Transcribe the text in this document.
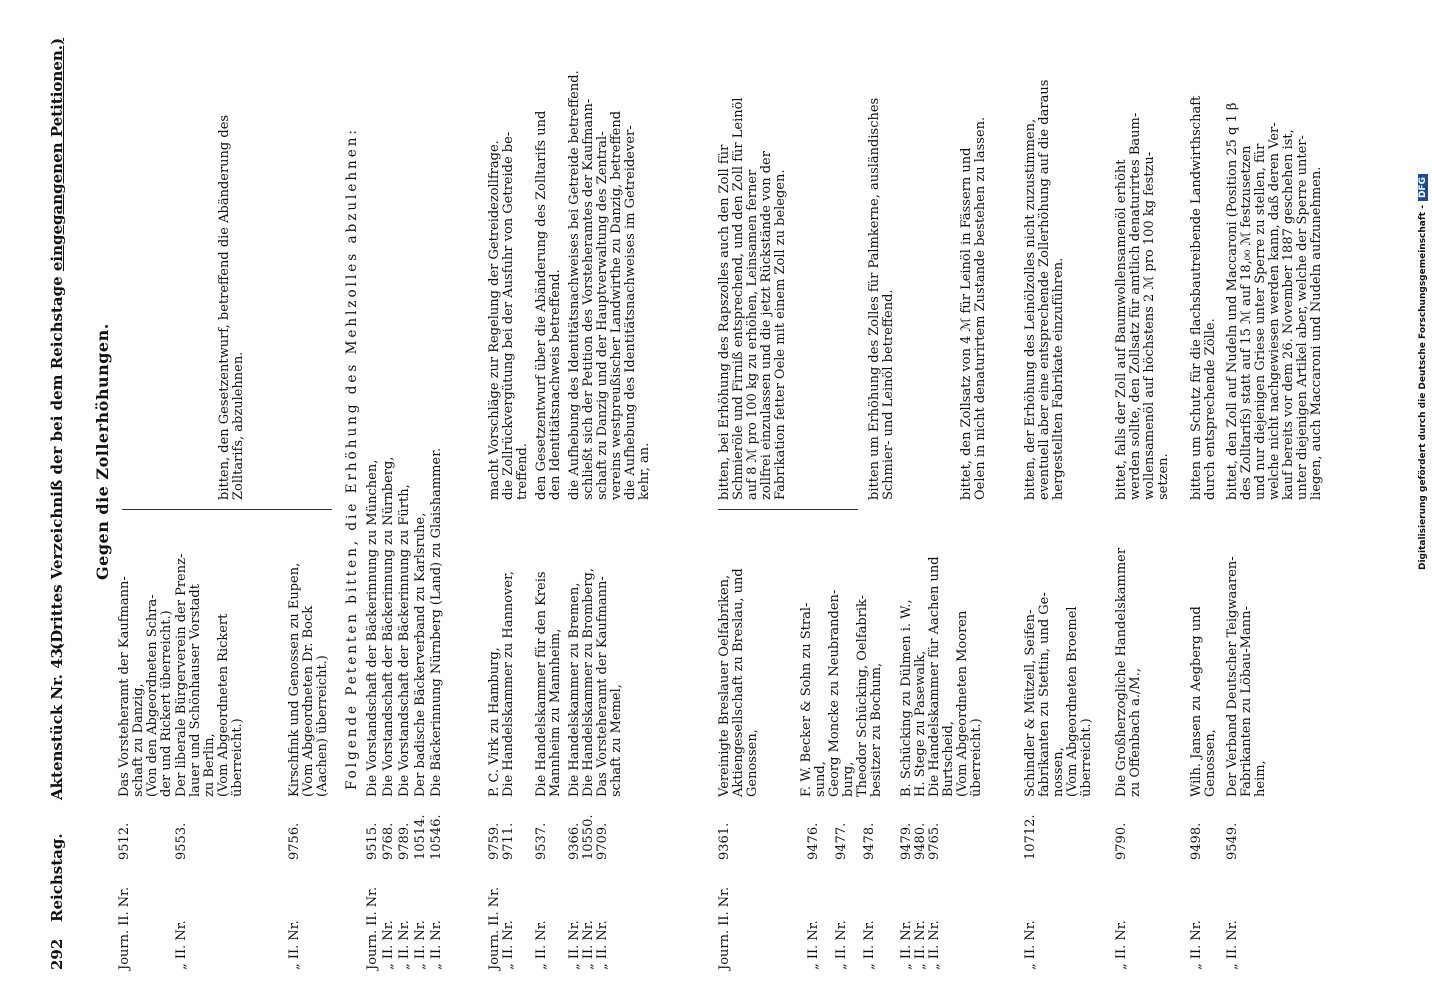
292
Reichstag.
Aktenstück Nr. 43.
(Drittes Verzeichniß der bei dem Reichstage eingegangenen Petitionen.)
Gegen die Zollerhöhungen.
Journ. II. Nr.
9512.
Das Vorsteheramt der Kaufmann-
schaft zu Danzig,
(Von den Abgeordneten Schra-
der und Rickert überreicht.)
„ II. Nr.
9553.
Der liberale Bürgerverein der Prenz-
lauer und Schönhauser Vorstadt
zu Berlin,
(Vom Abgeordneten Rickert
überreicht.)
„ II. Nr.
9756.
Kirschfink und Genossen zu Eupen,
(Vom Abgeordneten Dr. Bock
(Aachen) überreicht.)
bitten, den Gesetzentwurf, betreffend die Abänderung des
Zolltarifs, abzulehnen.	Folgende Petenten bitten, die Erhöhung des Mehlzolles abzulehnen:
Journ. II. Nr.
9515.
Die Vorstandschaft der Bäckerinnung zu München,
„ II. Nr.
9768.
Die Vorstandschaft der Bäckerinnung zu Nürnberg,
„ II. Nr.
9789.
Die Vorstandschaft der Bäckerinnung zu Fürth,
„ II. Nr.
10514.
Der badische Bäckerverband zu Karlsruhe,
„ II. Nr.
10546.
Die Bäckerinnung Nürnberg (Land) zu Glaishammer.
Journ. II. Nr.
„ II. Nr.
9759.
9711.
P. C. Virk zu Hamburg,
Die Handelskammer zu Hannover,
macht Vorschläge zur Regelung der Getreidezollfrage.
die Zollrückvergütung bei der Ausfuhr von Getreide be-
treffend.
„ II. Nr.
9537.
Die Handelskammer für den Kreis
Mannheim zu Mannheim,
den Gesetzentwurf über die Abänderung des Zolltarifs und
den Identitätsnachweis betreffend.
„ II. Nr.
„ II. Nr.
„ II. Nr.
9366.
10550.
9709.
Die Handelskammer zu Bremen,
Die Handelskammer zu Bromberg,
Das Vorsteheramt der Kaufmann-
schaft zu Memel,
die Aufhebung des Identitätsnachweises bei Getreide betreffend.
schließt sich der Petition des Vorsteheramtes der Kaufmann-
schaft zu Danzig und der Hauptverwaltung des Zentral-
vereins westpreußischer Landwirthe zu Danzig, betreffend
die Aufhebung des Identitätsnachweises im Getreidever-
kehr, an.
Journ. II. Nr.
9361.
Vereinigte Breslauer Oelfabriken,
Aktiengesellschaft zu Breslau, und
Genossen,
bitten, bei Erhöhung des Rapszolles auch den Zoll für
Schmieröle und Firniß entsprechend, und den Zoll für Leinöl
auf 8 ℳ pro 100 kg zu erhöhen, Leinsamen ferner
zollfrei einzulassen und die jetzt Rückstände von der
Fabrikation fetter Oele mit einem Zoll zu belegen.
„ II. Nr.
„ II. Nr.
„ II. Nr.
9476.
9477.
9478.
F. W. Becker & Sohn zu Stral-
sund,
Georg Moncke zu Neubranden-
burg,
Theodor Schücking, Oelfabrik-
besitzer zu Bochum,
bitten um Erhöhung des Zolles für Palmkerne, ausländisches
Schmier- und Leinöl betreffend.
„ II. Nr.
„ II. Nr.
„ II. Nr.
9479.
9480.
9765.
B. Schücking zu Dülmen i. W.,
H. Stege zu Pasewalk,
Die Handelskammer für Aachen und
Burtscheid,
(Vom Abgeordneten Mooren
überreicht.)
bittet, den Zollsatz von 4 ℳ für Leinöl in Fässern und
Oelen in nicht denaturirtem Zustande bestehen zu lassen.
„ II. Nr.
10712.
Schindler & Mützell, Seifen-
fabrikanten zu Stettin, und Ge-
nossen,
(Vom Abgeordneten Broemel
überreicht.)
bitten, der Erhöhung des Leinölzolles nicht zuzustimmen,
eventuell aber eine entsprechende Zollerhöhung auf die daraus
hergestellten Fabrikate einzuführen.
„ II. Nr.
9790.
Die Großherzogliche Handelskammer
zu Offenbach a./M.,
bittet, falls der Zoll auf Baumwollensamenöl erhöht
werden sollte, den Zollsatz für amtlich denaturirtes Baum-
wollensamenöl auf höchstens 2 ℳ pro 100 kg festzu-
setzen.
„ II. Nr.
9498.
Wilh. Jansen zu Aegberg und
Genossen,
bitten um Schutz für die flachsbautreibende Landwirthschaft
durch entsprechende Zölle.
„ II. Nr.
9549.
Der Verband Deutscher Teigwaaren-
Fabrikanten zu Löbau-Mann-
heim,
bittet, den Zoll auf Nudeln und Maccaroni (Position 25 q 1 β
des Zolltarifs) statt auf 15 ℳ auf 18,₀₀ ℳ festzusetzen
und nur diejenigen Griese unter Sperre zu stellen, für
welche nicht nachgewiesen werden kann, daß deren Ver-
kauf bereits vor dem 26. November 1887 geschehen ist,
unter diejenigen Artikel aber, welche der Sperre unter-
liegen, auch Maccaroni und Nudeln aufzunehmen.	Digitalisierung gefördert durch die Deutsche Forschungsgemeinschaft -DFG
